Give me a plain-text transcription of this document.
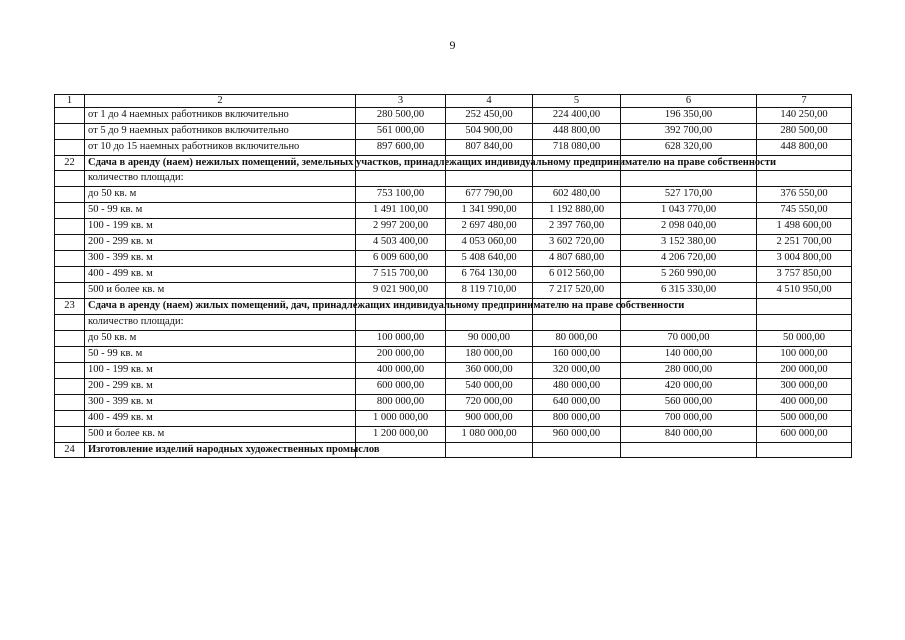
9
1	2	3	4	5	6	7
	от 1 до 4 наемных работников включительно	280 500,00	252 450,00	224 400,00	196 350,00	140 250,00
	от 5 до 9 наемных работников включительно	561 000,00	504 900,00	448 800,00	392 700,00	280 500,00
	от 10 до 15 наемных работников включительно	897 600,00	807 840,00	718 080,00	628 320,00	448 800,00
22	Сдача в аренду (наем) нежилых помещений, земельных участков, принадлежащих индивидуальному предпринимателю на праве собственности					
	количество площади:					
	до 50 кв. м	753 100,00	677 790,00	602 480,00	527 170,00	376 550,00
	50 - 99 кв. м	1 491 100,00	1 341 990,00	1 192 880,00	1 043 770,00	745 550,00
	100 - 199 кв. м	2 997 200,00	2 697 480,00	2 397 760,00	2 098 040,00	1 498 600,00
	200 - 299 кв. м	4 503 400,00	4 053 060,00	3 602 720,00	3 152 380,00	2 251 700,00
	300 - 399 кв. м	6 009 600,00	5 408 640,00	4 807 680,00	4 206 720,00	3 004 800,00
	400 - 499 кв. м	7 515 700,00	6 764 130,00	6 012 560,00	5 260 990,00	3 757 850,00
	500 и более кв. м	9 021 900,00	8 119 710,00	7 217 520,00	6 315 330,00	4 510 950,00
23	Сдача в аренду (наем) жилых помещений, дач, принадлежащих индивидуальному предпринимателю на праве собственности					
	количество площади:					
	до 50 кв. м	100 000,00	90 000,00	80 000,00	70 000,00	50 000,00
	50 - 99 кв. м	200 000,00	180 000,00	160 000,00	140 000,00	100 000,00
	100 - 199 кв. м	400 000,00	360 000,00	320 000,00	280 000,00	200 000,00
	200 - 299 кв. м	600 000,00	540 000,00	480 000,00	420 000,00	300 000,00
	300 - 399 кв. м	800 000,00	720 000,00	640 000,00	560 000,00	400 000,00
	400 - 499 кв. м	1 000 000,00	900 000,00	800 000,00	700 000,00	500 000,00
	500 и более кв. м	1 200 000,00	1 080 000,00	960 000,00	840 000,00	600 000,00
24	Изготовление изделий народных художественных промыслов					
